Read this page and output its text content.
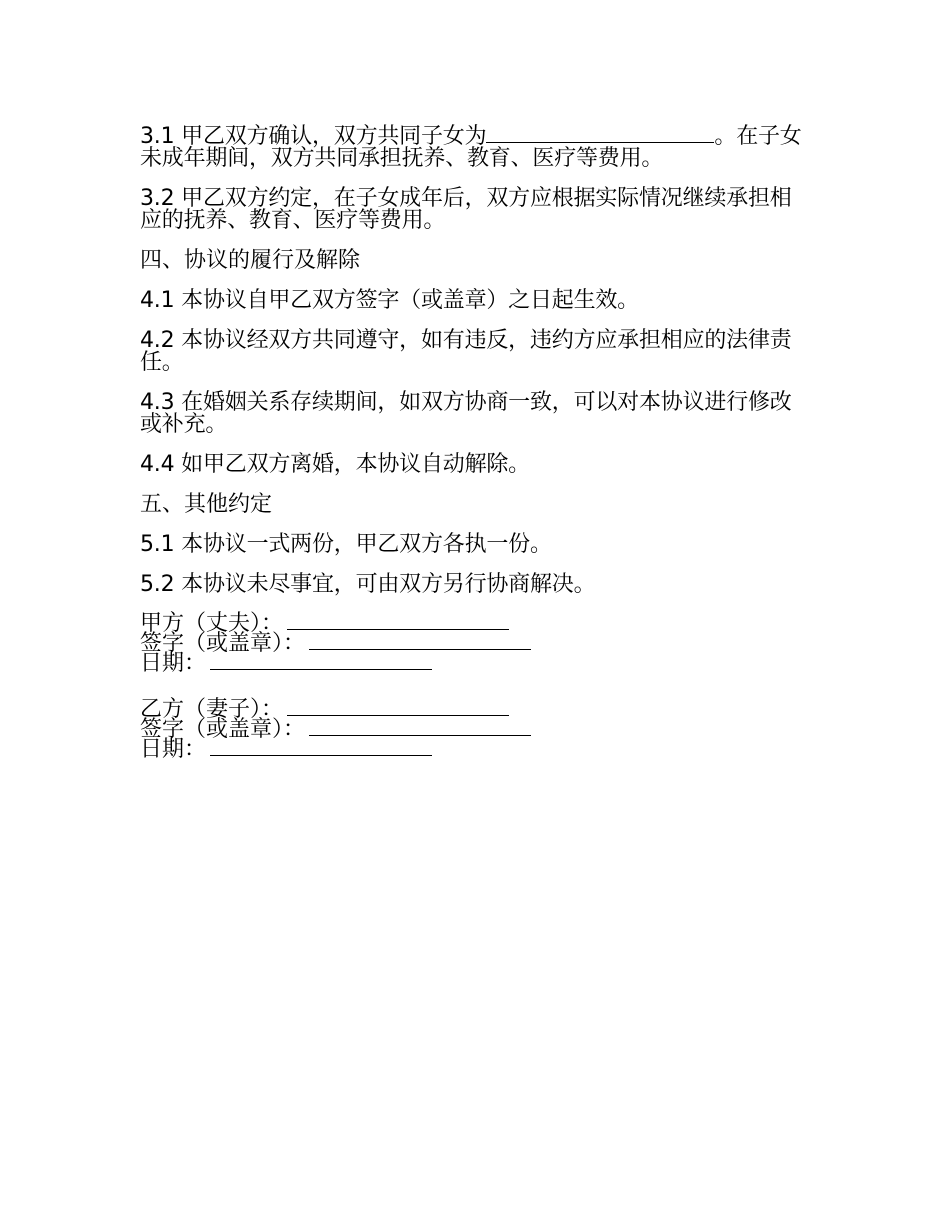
3.1 甲乙双方确认，双方共同子女为	。在子女未成年期间，双方共同承担抚养、教育、医疗等费用。

3.2 甲乙双方约定，在子女成年后，双方应根据实际情况继续承担相应的抚养、教育、医疗等费用。

四、协议的履行及解除

4.1 本协议自甲乙双方签字（或盖章）之日起生效。

4.2 本协议经双方共同遵守，如有违反，违约方应承担相应的法律责任。

4.3 在婚姻关系存续期间，如双方协商一致，可以对本协议进行修改或补充。

4.4 如甲乙双方离婚，本协议自动解除。

五、其他约定

5.1 本协议一式两份，甲乙双方各执一份。

5.2 本协议未尽事宜，可由双方另行协商解决。

甲方（丈夫）：
签字（或盖章）：
日期：
乙方（妻子）：
签字（或盖章）：
日期：
